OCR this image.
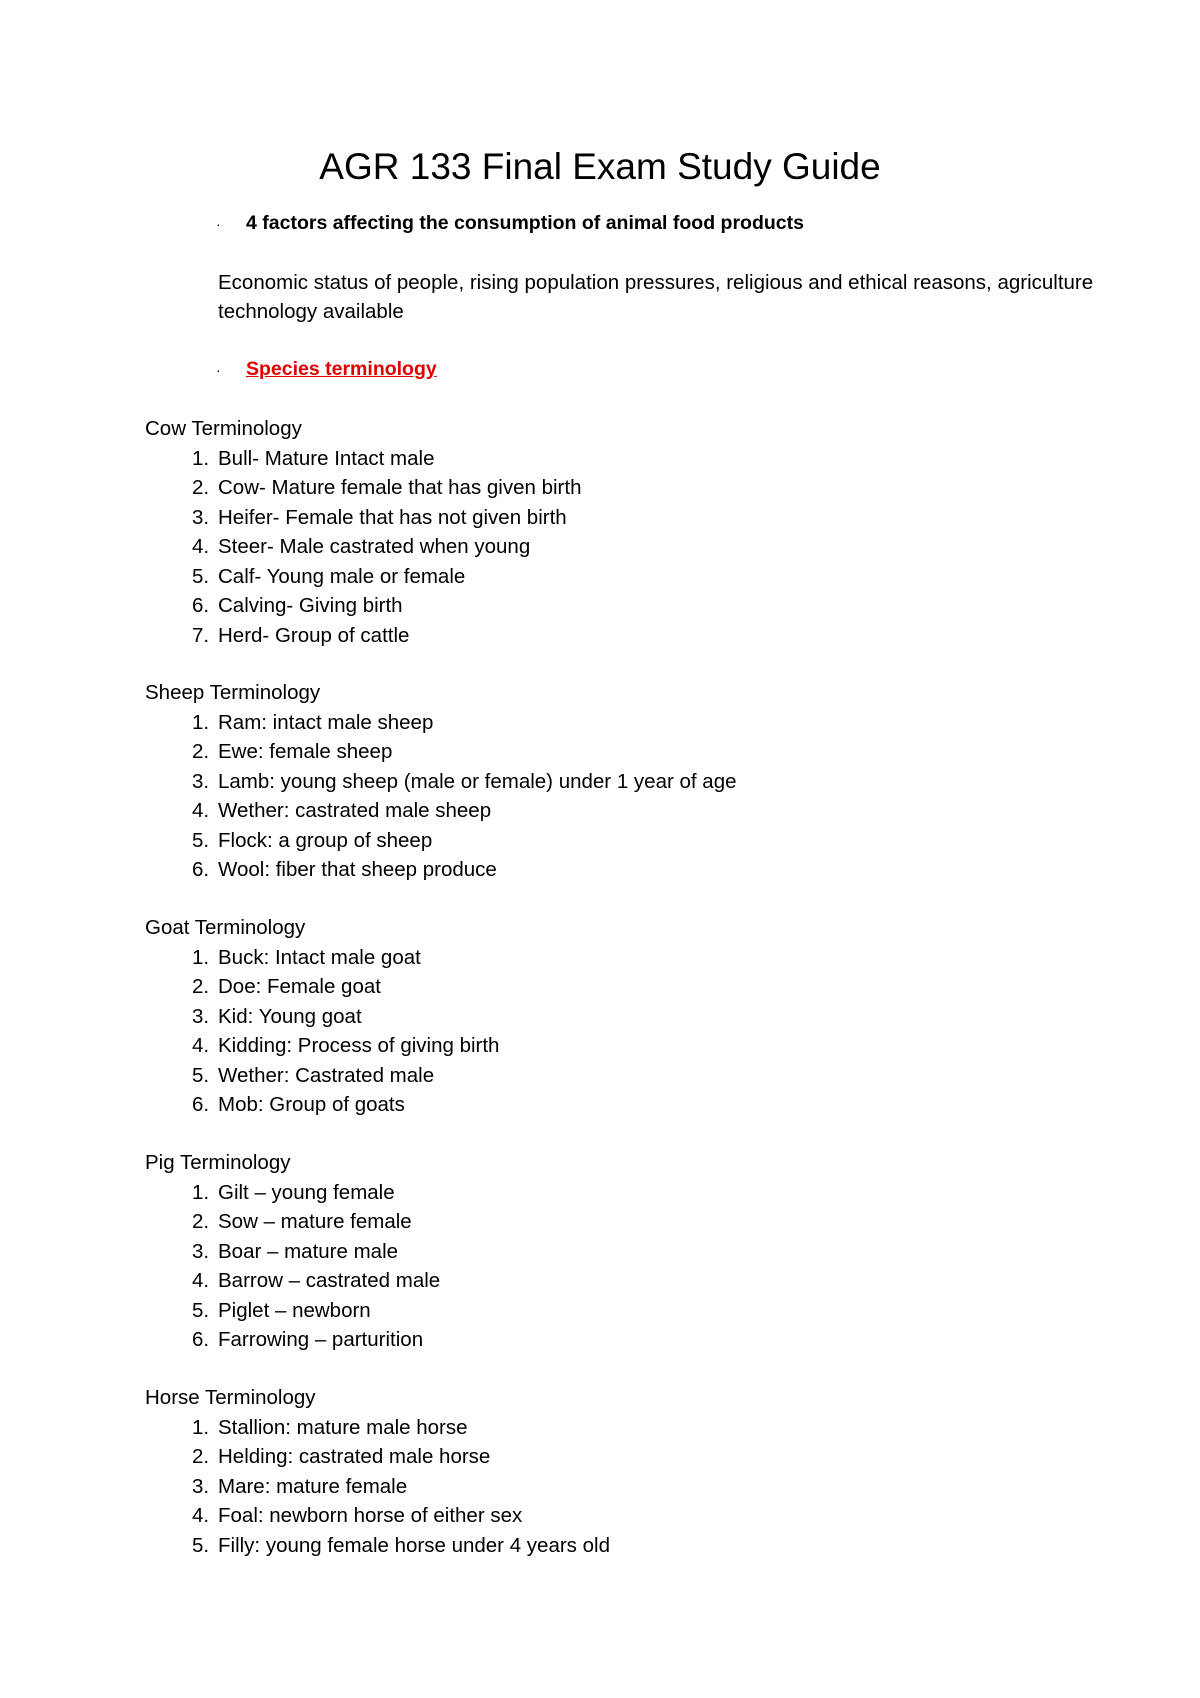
AGR 133 Final Exam Study Guide
· 4 factors affecting the consumption of animal food products

Economic status of people, rising population pressures, religious and ethical reasons, agriculture technology available

· Species terminology

Cow Terminology

1. Bull- Mature Intact male
2. Cow- Mature female that has given birth
3. Heifer- Female that has not given birth
4. Steer- Male castrated when young
5. Calf- Young male or female
6. Calving- Giving birth
7. Herd- Group of cattle

Sheep Terminology

1. Ram: intact male sheep
2. Ewe: female sheep
3. Lamb: young sheep (male or female) under 1 year of age
4. Wether: castrated male sheep
5. Flock: a group of sheep
6. Wool: fiber that sheep produce

Goat Terminology

1. Buck: Intact male goat
2. Doe: Female goat
3. Kid: Young goat
4. Kidding: Process of giving birth
5. Wether: Castrated male
6. Mob: Group of goats

Pig Terminology

1. Gilt – young female
2. Sow – mature female
3. Boar – mature male
4. Barrow – castrated male
5. Piglet – newborn
6. Farrowing – parturition

Horse Terminology

1. Stallion: mature male horse
2. Helding: castrated male horse
3. Mare: mature female
4. Foal: newborn horse of either sex
5. Filly: young female horse under 4 years old
